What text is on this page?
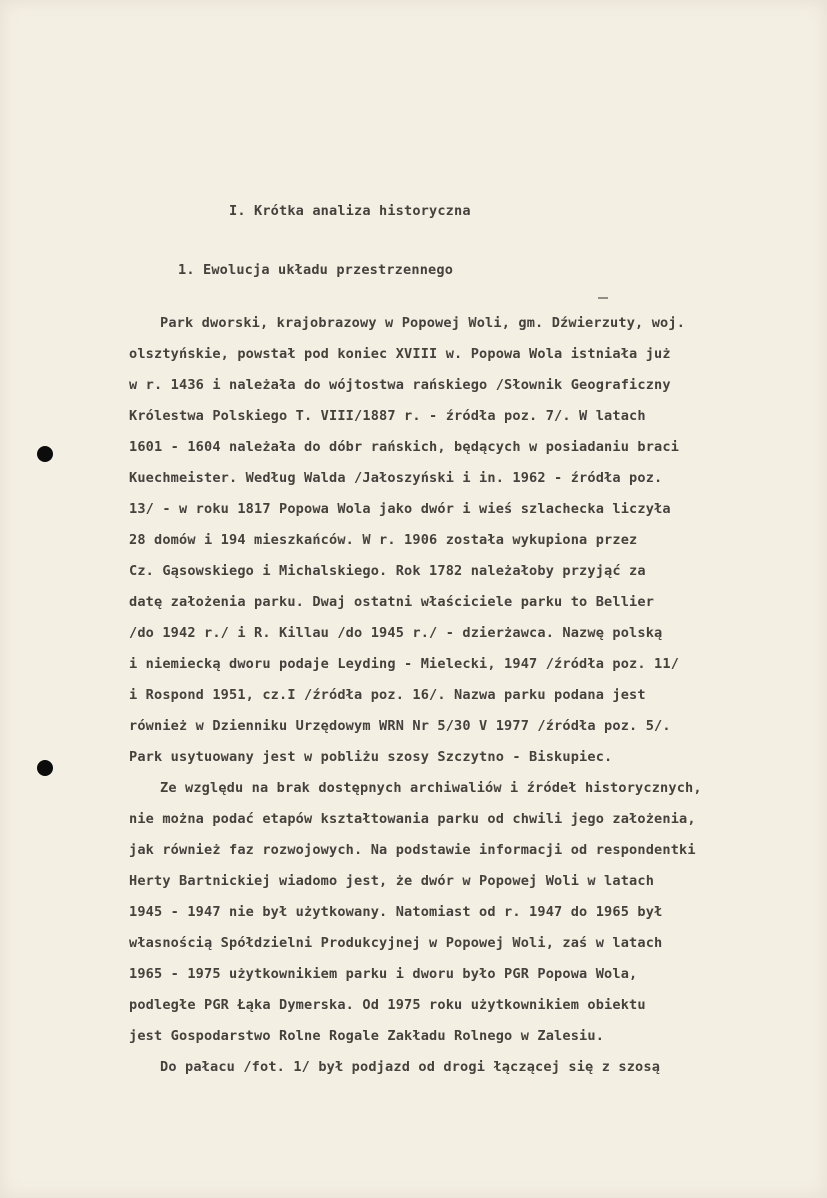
I. Krótka analiza historyczna
1. Ewolucja układu przestrzennego
Park dworski, krajobrazowy w Popowej Woli, gm. Dźwierzuty, woj.
olsztyńskie, powstał pod koniec XVIII w. Popowa Wola istniała już
w r. 1436 i należała do wójtostwa rańskiego /Słownik Geograficzny
Królestwa Polskiego T. VIII/1887 r. - źródła poz. 7/. W latach
1601 - 1604 należała do dóbr rańskich, będących w posiadaniu braci
Kuechmeister. Według Walda /Jałoszyński i in. 1962 - źródła poz.
13/ - w roku 1817 Popowa Wola jako dwór i wieś szlachecka liczyła
28 domów i 194 mieszkańców. W r. 1906 została wykupiona przez
Cz. Gąsowskiego i Michalskiego. Rok 1782 należałoby przyjąć za
datę założenia parku. Dwaj ostatni właściciele parku to Bellier
/do 1942 r./ i R. Killau /do 1945 r./ - dzierżawca. Nazwę polską
i niemiecką dworu podaje Leyding - Mielecki, 1947 /źródła poz. 11/
i Rospond 1951, cz.I /źródła poz. 16/. Nazwa parku podana jest
również w Dzienniku Urzędowym WRN Nr 5/30 V 1977 /źródła poz. 5/.
Park usytuowany jest w pobliżu szosy Szczytno - Biskupiec.
Ze względu na brak dostępnych archiwaliów i źródeł historycznych,
nie można podać etapów kształtowania parku od chwili jego założenia,
jak również faz rozwojowych. Na podstawie informacji od respondentki
Herty Bartnickiej wiadomo jest, że dwór w Popowej Woli w latach
1945 - 1947 nie był użytkowany. Natomiast od r. 1947 do 1965 był
własnością Spółdzielni Produkcyjnej w Popowej Woli, zaś w latach
1965 - 1975 użytkownikiem parku i dworu było PGR Popowa Wola,
podległe PGR Łąka Dymerska. Od 1975 roku użytkownikiem obiektu
jest Gospodarstwo Rolne Rogale Zakładu Rolnego w Zalesiu.
Do pałacu /fot. 1/ był podjazd od drogi łączącej się z szosą
